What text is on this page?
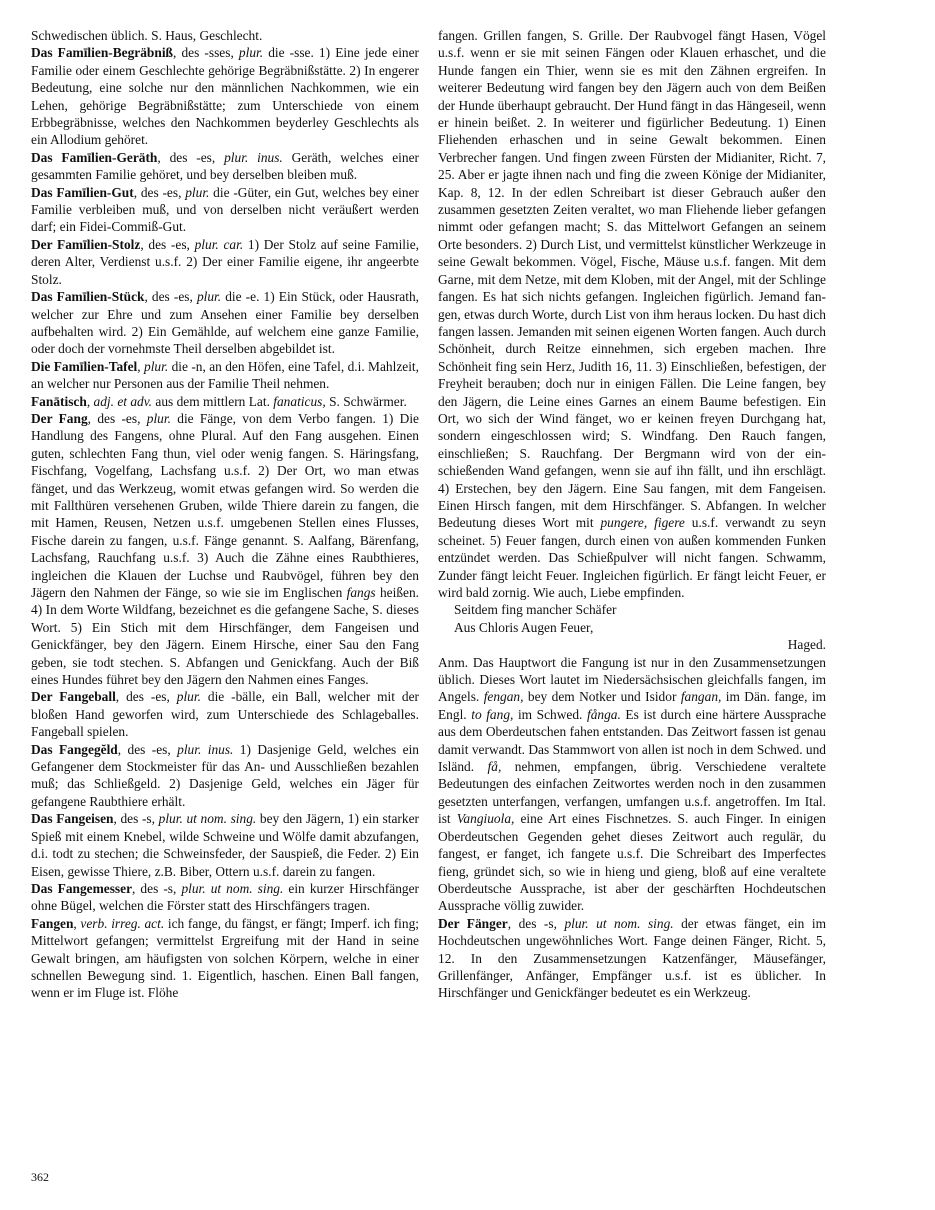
Schwedischen üblich. S. Haus, Geschlecht.

Das Famīlien-Begräbniß, des -sses, plur. die -sse. 1) Eine jede einer Familie oder einem Geschlechte gehörige Begräbnißstätte. 2) In engerer Bedeutung, eine solche nur den männlichen Nachkommen, wie ein Lehen, gehörige Begräbnißstätte; zum Unterschiede von einem Erbbegräbnisse, welches den Nachkommen beyderley Geschlechts als ein Allodium gehöret.

Das Famīlien-Geräth, des -es, plur. inus. Geräth, welches einer gesammten Familie gehöret, und bey derselben bleiben muß.

Das Famīlien-Gut, des -es, plur. die -Güter, ein Gut, welches bey einer Familie verbleiben muß, und von derselben nicht veräußert werden darf; ein Fidei-Commiß-Gut.

Der Famīlien-Stolz, des -es, plur. car. 1) Der Stolz auf seine Familie, deren Alter, Verdienst u.s.f. 2) Der einer Familie eigene, ihr angeerbte Stolz.

Das Famīlien-Stück, des -es, plur. die -e. 1) Ein Stück, oder Hausrath, welcher zur Ehre und zum Ansehen einer Familie bey derselben aufbehalten wird. 2) Ein Gemählde, auf welchem eine ganze Familie, oder doch der vornehmste Theil derselben abgebildet ist.

Die Famīlien-Tafel, plur. die -n, an den Höfen, eine Tafel, d.i. Mahlzeit, an welcher nur Personen aus der Familie Theil nehmen.

Fanātisch, adj. et adv. aus dem mittlern Lat. fanaticus, S. Schwärmer.

Der Fang, des -es, plur. die Fänge, von dem Verbo fangen. 1) Die Handlung des Fangens, ohne Plural. Auf den Fang ausgehen. Einen guten, schlechten Fang thun, viel oder wenig fangen. S. Häringsfang, Fischfang, Vogelfang, Lachsfang u.s.f. 2) Der Ort, wo man etwas fänget, und das Werkzeug, womit etwas gefangen wird. So werden die mit Fallthüren versehenen Gruben, wilde Thiere darein zu fangen, die mit Hamen, Reusen, Netzen u.s.f. umgebenen Stellen eines Flusses, Fische darein zu fangen, u.s.f. Fänge genannt. S. Aalfang, Bärenfang, Lachsfang, Rauchfang u.s.f. 3) Auch die Zähne eines Raubthieres, ingleichen die Klauen der Luchse und Raubvögel, führen bey den Jägern den Nahmen der Fänge, so wie sie im Englischen fangs heißen. 4) In dem Worte Wildfang, bezeichnet es die gefangene Sache, S. dieses Wort. 5) Ein Stich mit dem Hirschfänger, dem Fangeisen und Genickfänger, bey den Jägern. Einem Hirsche, einer Sau den Fang geben, sie todt stechen. S. Abfangen und Genickfang. Auch der Biß eines Hundes führet bey den Jägern den Nahmen eines Fanges.

Der Fangeball, des -es, plur. die -bälle, ein Ball, welcher mit der bloßen Hand geworfen wird, zum Unterschiede des Schlageballes. Fangeball spielen.

Das Fangegĕld, des -es, plur. inus. 1) Dasjenige Geld, welches ein Gefangener dem Stockmeister für das An- und Ausschließen bezahlen muß; das Schließgeld. 2) Dasjenige Geld, welches ein Jäger für gefangene Raubthiere erhält.

Das Fangeisen, des -s, plur. ut nom. sing. bey den Jägern, 1) ein starker Spieß mit einem Knebel, wilde Schweine und Wölfe damit abzufangen, d.i. todt zu stechen; die Schweinsfeder, der Sauspieß, die Feder. 2) Ein Eisen, gewisse Thiere, z.B. Biber, Ottern u.s.f. darein zu fangen.

Das Fangemesser, des -s, plur. ut nom. sing. ein kurzer Hirschfänger ohne Bügel, welchen die Förster statt des Hirschfängers tragen.

Fangen, verb. irreg. act. ich fange, du fängst, er fängt; Imperf. ich fing; Mittelwort gefangen; vermittelst Ergreifung mit der Hand in seine Gewalt bringen, am häufigsten von solchen Körpern, welche in einer schnellen Bewegung sind. 1. Eigentlich, haschen. Einen Ball fangen, wenn er im Fluge ist. Flöhe

fangen. Grillen fangen, S. Grille. Der Raubvogel fängt Hasen, Vögel u.s.f. wenn er sie mit seinen Fängen oder Klauen erhaschet, und die Hunde fangen ein Thier, wenn sie es mit den Zähnen ergreifen. In weiterer Bedeutung wird fangen bey den Jägern auch von dem Beißen der Hunde überhaupt gebraucht. Der Hund fängt in das Hängeseil, wenn er hinein beißet. 2. In weiterer und figürlicher Bedeutung. 1) Einen Fliehenden erhaschen und in seine Gewalt bekommen. Einen Verbrecher fangen. Und fingen zween Fürsten der Midianiter, Richt. 7, 25. Aber er jagte ihnen nach und fing die zween Könige der Midianiter, Kap. 8, 12. In der edlen Schreibart ist dieser Gebrauch außer den zusammen gesetzten Zeiten veraltet, wo man Fliehende lieber gefangen nimmt oder gefangen macht; S. das Mittelwort Gefangen an seinem Orte besonders. 2) Durch List, und vermittelst künstlicher Werkzeuge in seine Gewalt bekommen. Vögel, Fische, Mäuse u.s.f. fangen. Mit dem Garne, mit dem Netze, mit dem Kloben, mit der Angel, mit der Schlinge fangen. Es hat sich nichts gefangen. Ingleichen figürlich. Jemand fangen, etwas durch Worte, durch List von ihm heraus locken. Du hast dich fangen lassen. Jemanden mit seinen eigenen Worten fangen. Auch durch Schönheit, durch Reitze einnehmen, sich ergeben machen. Ihre Schönheit fing sein Herz, Judith 16, 11. 3) Einschließen, befestigen, der Freyheit berauben; doch nur in einigen Fällen. Die Leine fangen, bey den Jägern, die Leine eines Garnes an einem Baume befestigen. Ein Ort, wo sich der Wind fänget, wo er keinen freyen Durchgang hat, sondern eingeschlossen wird; S. Windfang. Den Rauch fangen, einschließen; S. Rauchfang. Der Bergmann wird von der einschießenden Wand gefangen, wenn sie auf ihn fällt, und ihn erschlägt. 4) Erstechen, bey den Jägern. Eine Sau fangen, mit dem Fangeisen. Einen Hirsch fangen, mit dem Hirschfänger. S. Abfangen. In welcher Bedeutung dieses Wort mit pungere, figere u.s.f. verwandt zu seyn scheinet. 5) Feuer fangen, durch einen von außen kommenden Funken entzündet werden. Das Schießpulver will nicht fangen. Schwamm, Zunder fängt leicht Feuer. Ingleichen figürlich. Er fängt leicht Feuer, er wird bald zornig. Wie auch, Liebe empfinden.

Seitdem fing mancher Schäfer

Aus Chloris Augen Feuer,

Haged.

Anm. Das Hauptwort die Fangung ist nur in den Zusammensetzungen üblich. Dieses Wort lautet im Niedersächsischen gleichfalls fangen, im Angels. fengan, bey dem Notker und Isidor fangan, im Dän. fange, im Engl. to fang, im Schwed. fånga. Es ist durch eine härtere Aussprache aus dem Oberdeutschen fahen entstanden. Das Zeitwort fassen ist genau damit verwandt. Das Stammwort von allen ist noch in dem Schwed. und Isländ. få, nehmen, empfangen, übrig. Verschiedene veraltete Bedeutungen des einfachen Zeitwortes werden noch in den zusammen gesetzten unterfangen, verfangen, umfangen u.s.f. angetroffen. Im Ital. ist Vangiuola, eine Art eines Fischnetzes. S. auch Finger. In einigen Oberdeutschen Gegenden gehet dieses Zeitwort auch regulär, du fangest, er fanget, ich fangete u.s.f. Die Schreibart des Imperfectes fieng, gründet sich, so wie in hieng und gieng, bloß auf eine veraltete Oberdeutsche Aussprache, ist aber der geschärften Hochdeutschen Aussprache völlig zuwider.

Der Fänger, des -s, plur. ut nom. sing. der etwas fänget, ein im Hochdeutschen ungewöhnliches Wort. Fange deinen Fänger, Richt. 5, 12. In den Zusammensetzungen Katzenfänger, Mäusefänger, Grillenfänger, Anfänger, Empfänger u.s.f. ist es üblicher. In Hirschfänger und Genickfänger bedeutet es ein Werkzeug.

362
